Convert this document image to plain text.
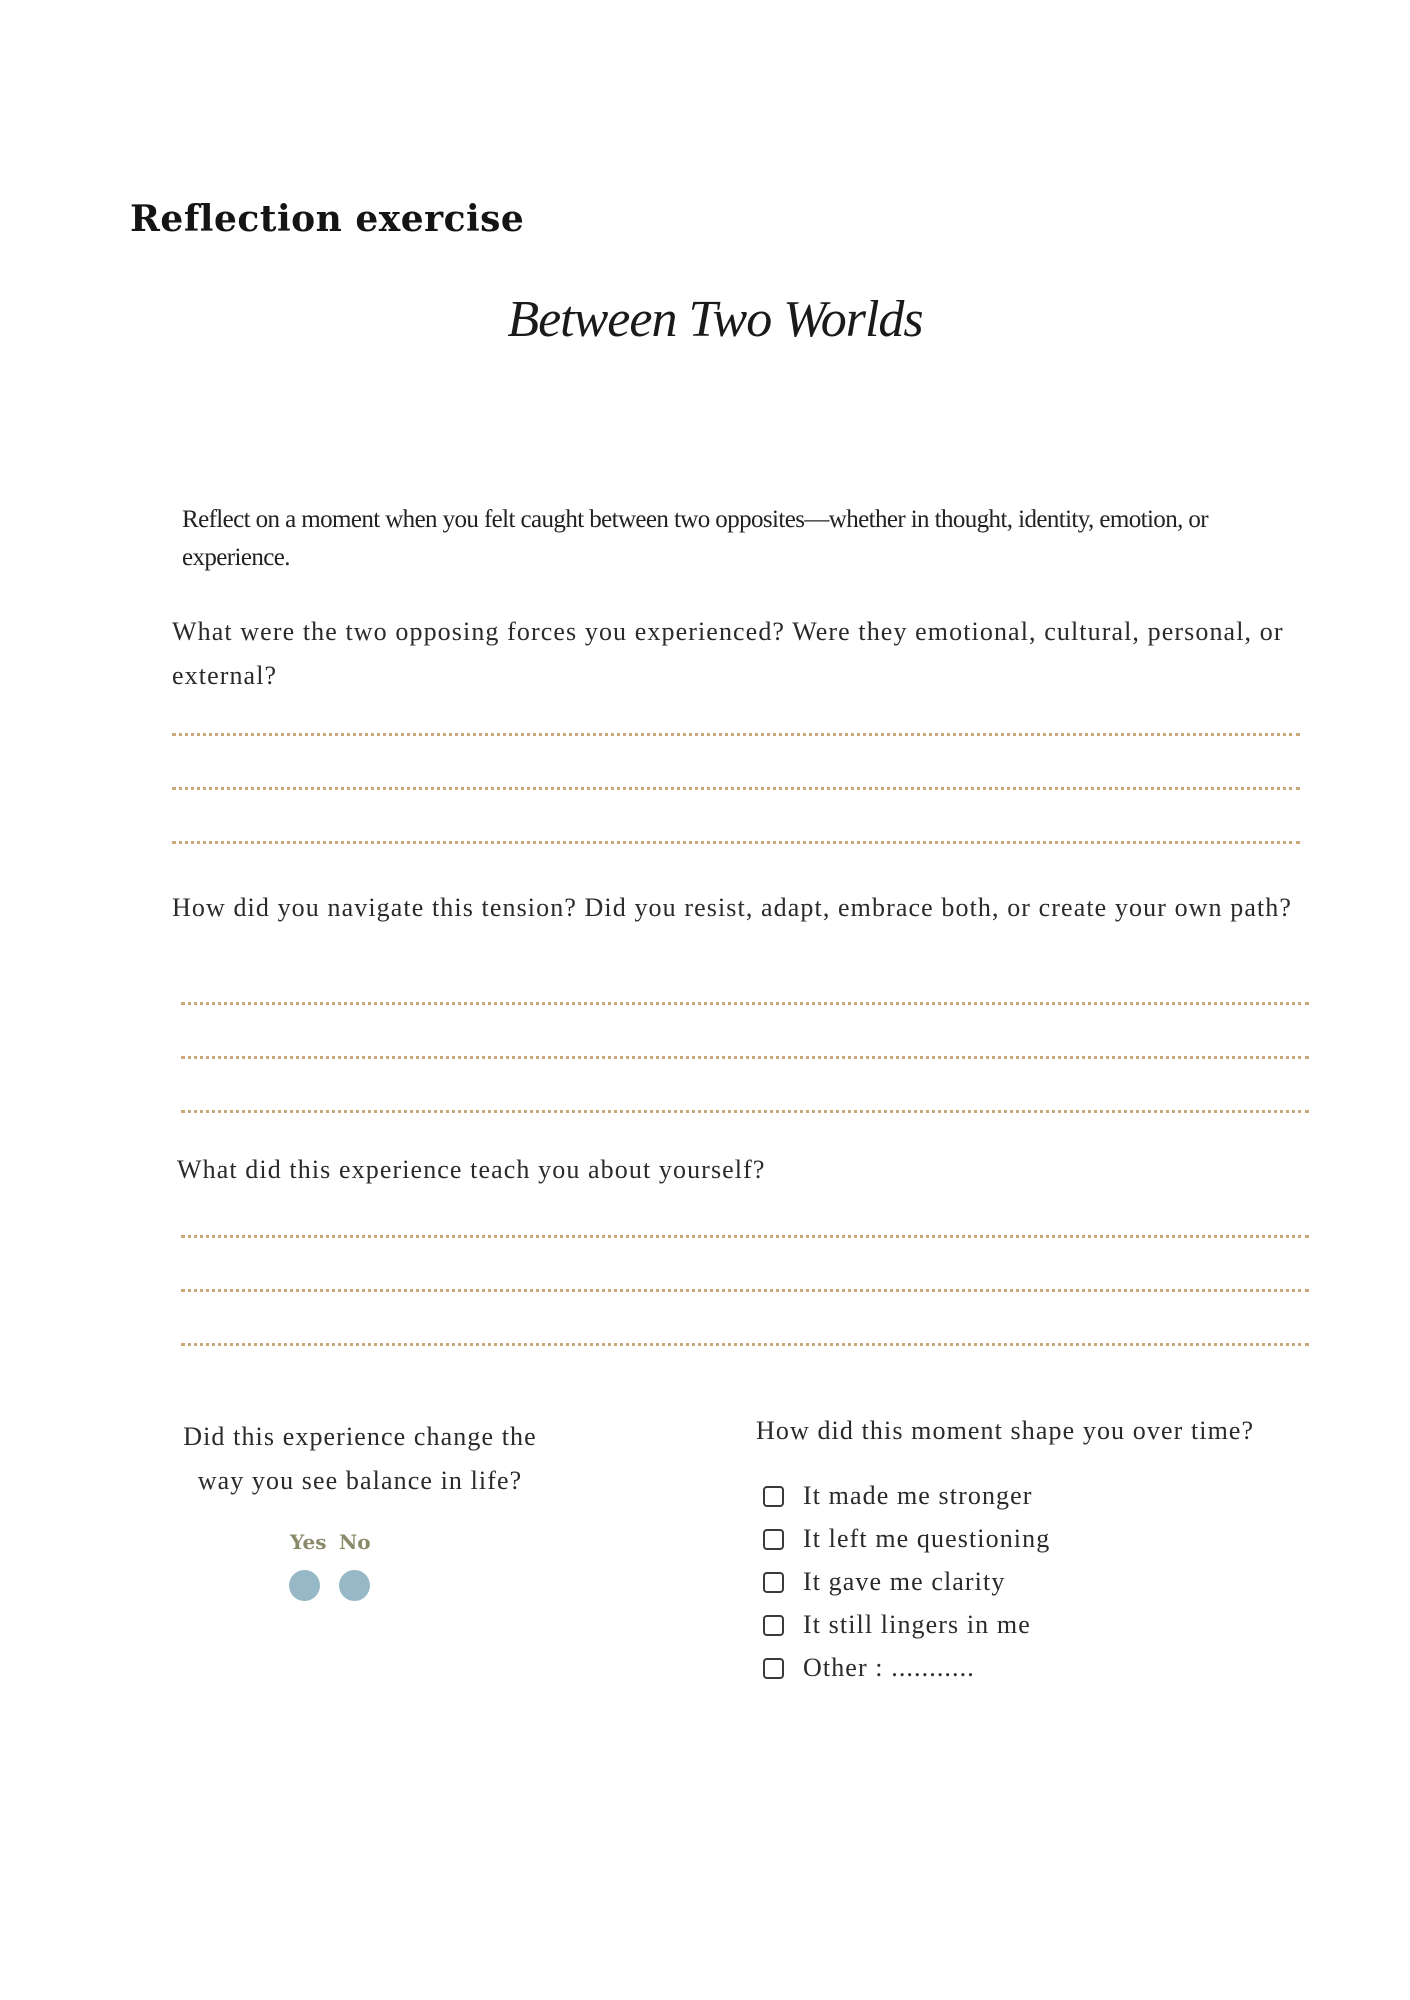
Reflection exercise
Between Two Worlds
Reflect on a moment when you felt caught between two opposites—whether in thought, identity, emotion, or experience.
What were the two opposing forces you experienced? Were they emotional, cultural, personal, or external?
How did you navigate this tension? Did you resist, adapt, embrace both, or create your own path?
What did this experience teach you about yourself?
Did this experience change the way you see balance in life?
Yes No
How did this moment shape you over time?
It made me stronger
It left me questioning
It gave me clarity
It still lingers in me
Other : ...........
